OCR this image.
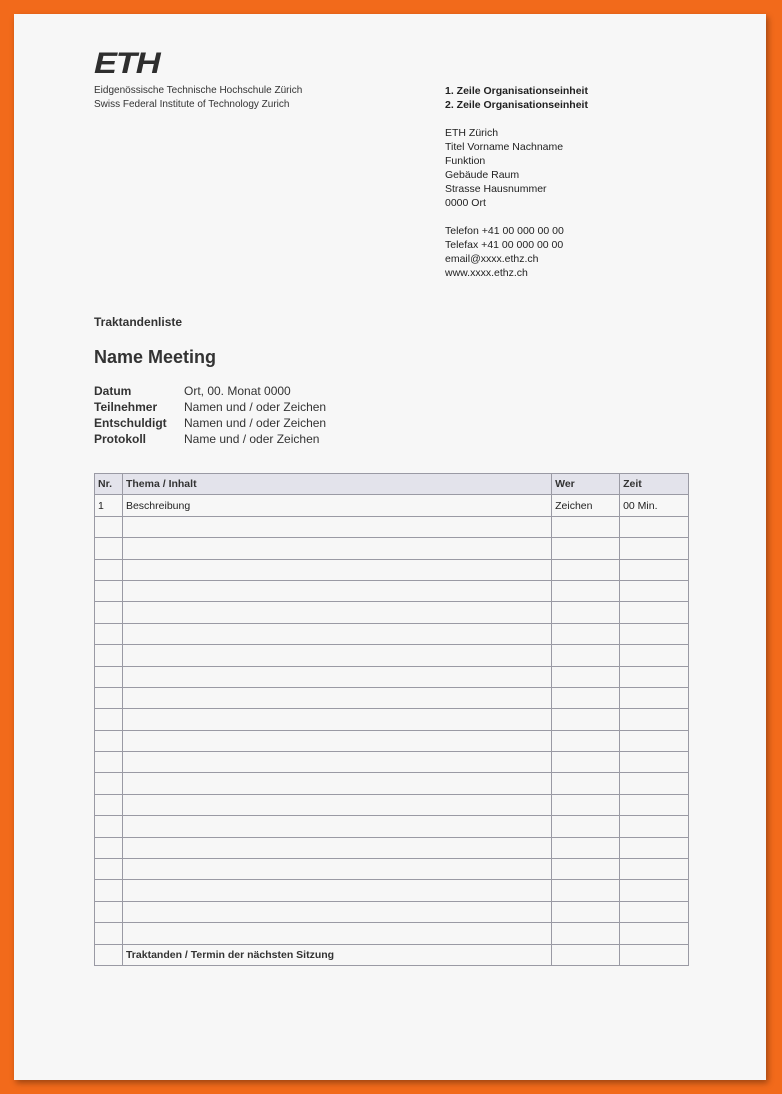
ETH
Eidgenössische Technische Hochschule Zürich
Swiss Federal Institute of Technology Zurich
1. Zeile Organisationseinheit
2. Zeile Organisationseinheit
ETH Zürich
Titel Vorname Nachname
Funktion
Gebäude Raum
Strasse Hausnummer
0000 Ort
Telefon +41 00 000 00 00
Telefax +41 00 000 00 00
email@xxxx.ethz.ch
www.xxxx.ethz.ch
Traktandenliste
Name Meeting
Datum	Ort, 00. Monat 0000
Teilnehmer	Namen und / oder Zeichen
Entschuldigt	Namen und / oder Zeichen
Protokoll	Name und / oder Zeichen
Nr.	Thema / Inhalt	Wer	Zeit
1	Beschreibung	Zeichen	00 Min.

	Traktanden / Termin der nächsten Sitzung		
